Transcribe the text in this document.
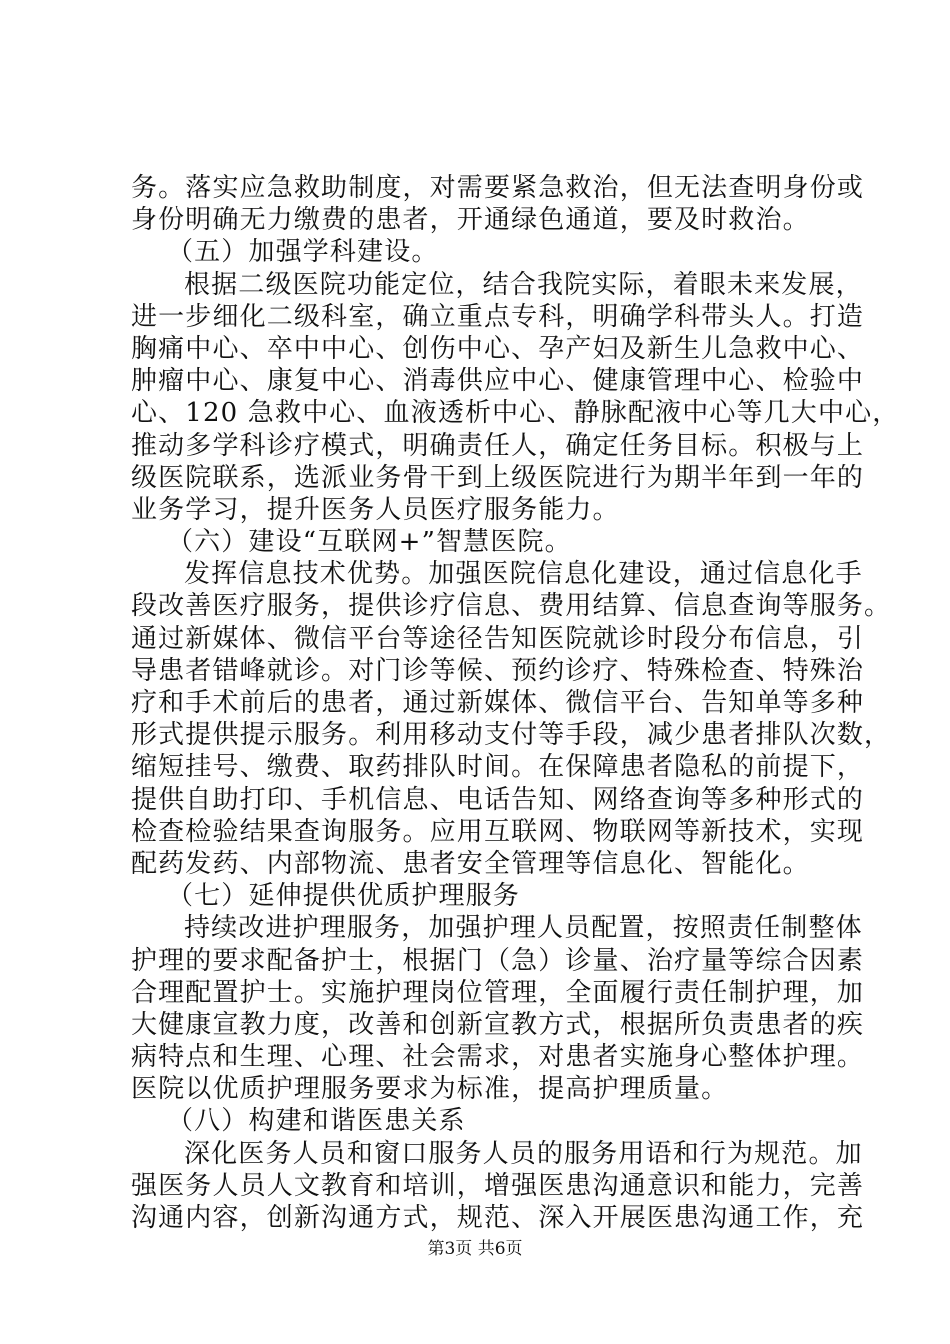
务。落实应急救助制度，对需要紧急救治，但无法查明身份或
身份明确无力缴费的患者，开通绿色通道，要及时救治。
（五）加强学科建设。
根据二级医院功能定位，结合我院实际，着眼未来发展，
进一步细化二级科室，确立重点专科，明确学科带头人。打造
胸痛中心、卒中中心、创伤中心、孕产妇及新生儿急救中心、
肿瘤中心、康复中心、消毒供应中心、健康管理中心、检验中
心、120 急救中心、血液透析中心、静脉配液中心等几大中心，
推动多学科诊疗模式，明确责任人，确定任务目标。积极与上
级医院联系，选派业务骨干到上级医院进行为期半年到一年的
业务学习，提升医务人员医疗服务能力。
（六）建设“互联网+”智慧医院。
发挥信息技术优势。加强医院信息化建设，通过信息化手
段改善医疗服务，提供诊疗信息、费用结算、信息查询等服务。
通过新媒体、微信平台等途径告知医院就诊时段分布信息，引
导患者错峰就诊。对门诊等候、预约诊疗、特殊检查、特殊治
疗和手术前后的患者，通过新媒体、微信平台、告知单等多种
形式提供提示服务。利用移动支付等手段，减少患者排队次数，
缩短挂号、缴费、取药排队时间。在保障患者隐私的前提下，
提供自助打印、手机信息、电话告知、网络查询等多种形式的
检查检验结果查询服务。应用互联网、物联网等新技术，实现
配药发药、内部物流、患者安全管理等信息化、智能化。
（七）延伸提供优质护理服务
持续改进护理服务，加强护理人员配置，按照责任制整体
护理的要求配备护士，根据门（急）诊量、治疗量等综合因素
合理配置护士。实施护理岗位管理，全面履行责任制护理，加
大健康宣教力度，改善和创新宣教方式，根据所负责患者的疾
病特点和生理、心理、社会需求，对患者实施身心整体护理。
医院以优质护理服务要求为标准，提高护理质量。
（八）构建和谐医患关系
深化医务人员和窗口服务人员的服务用语和行为规范。加
强医务人员人文教育和培训，增强医患沟通意识和能力，完善
沟通内容，创新沟通方式，规范、深入开展医患沟通工作，充
第3页 共6页
